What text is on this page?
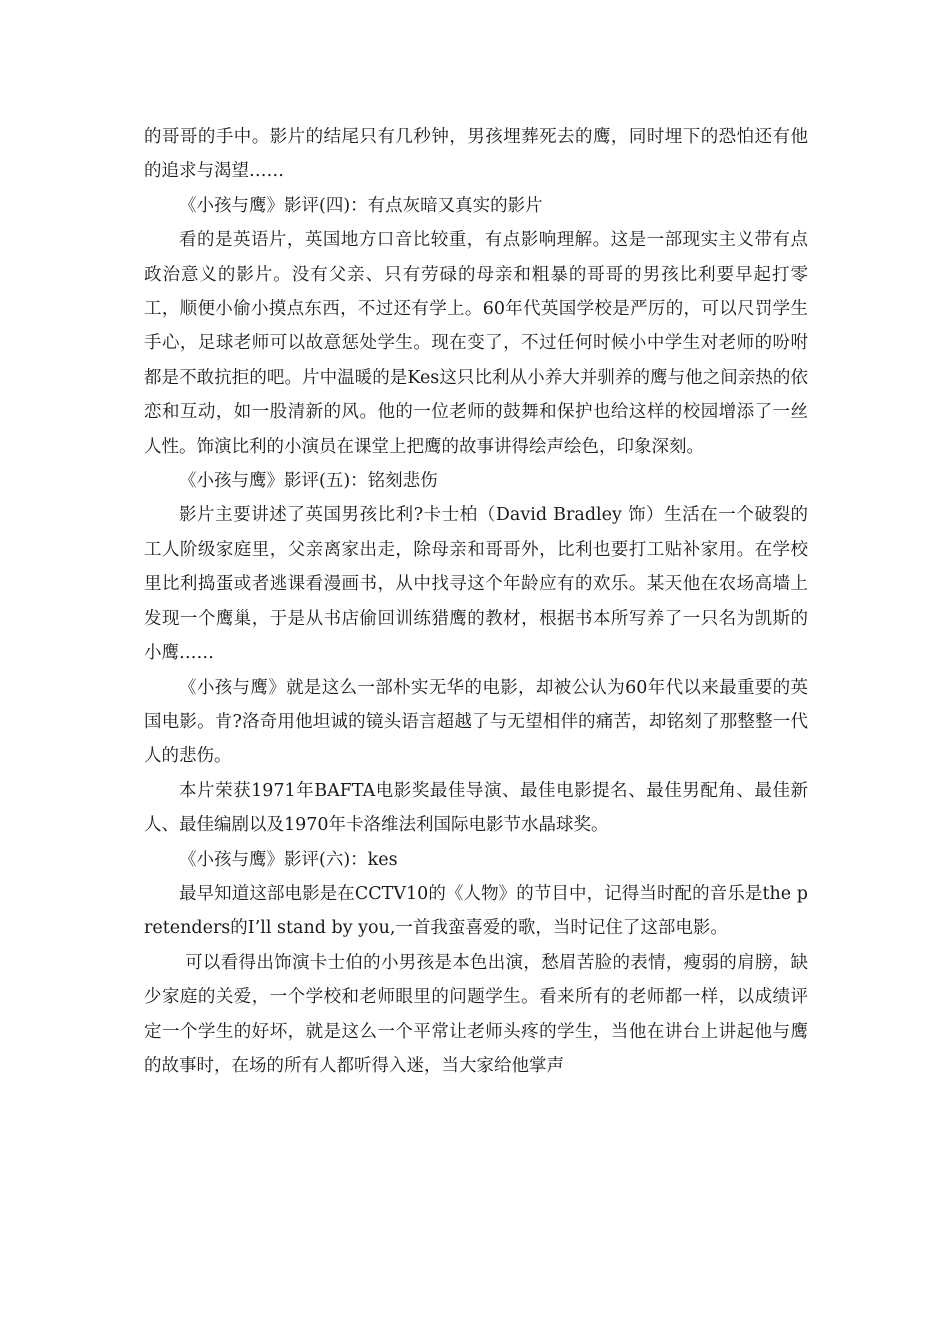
的哥哥的手中。影片的结尾只有几秒钟，男孩埋葬死去的鹰，同时埋下的恐怕还有他的追求与渴望……

《小孩与鹰》影评(四)：有点灰暗又真实的影片

看的是英语片，英国地方口音比较重，有点影响理解。这是一部现实主义带有点政治意义的影片。没有父亲、只有劳碌的母亲和粗暴的哥哥的男孩比利要早起打零工，顺便小偷小摸点东西，不过还有学上。60年代英国学校是严厉的，可以尺罚学生手心，足球老师可以故意惩处学生。现在变了，不过任何时候小中学生对老师的吩咐都是不敢抗拒的吧。片中温暖的是Kes这只比利从小养大并驯养的鹰与他之间亲热的依恋和互动，如一股清新的风。他的一位老师的鼓舞和保护也给这样的校园增添了一丝人性。饰演比利的小演员在课堂上把鹰的故事讲得绘声绘色，印象深刻。

《小孩与鹰》影评(五)：铭刻悲伤

影片主要讲述了英国男孩比利?卡士柏（David Bradley 饰）生活在一个破裂的工人阶级家庭里，父亲离家出走，除母亲和哥哥外，比利也要打工贴补家用。在学校里比利捣蛋或者逃课看漫画书，从中找寻这个年龄应有的欢乐。某天他在农场高墙上发现一个鹰巢，于是从书店偷回训练猎鹰的教材，根据书本所写养了一只名为凯斯的小鹰……

《小孩与鹰》就是这么一部朴实无华的电影，却被公认为60年代以来最重要的英国电影。肯?洛奇用他坦诚的镜头语言超越了与无望相伴的痛苦，却铭刻了那整整一代人的悲伤。

本片荣获1971年BAFTA电影奖最佳导演、最佳电影提名、最佳男配角、最佳新人、最佳编剧以及1970年卡洛维法利国际电影节水晶球奖。

《小孩与鹰》影评(六)：kes

最早知道这部电影是在CCTV10的《人物》的节目中，记得当时配的音乐是the pretenders的I’ll stand by you,一首我蛮喜爱的歌，当时记住了这部电影。

可以看得出饰演卡士伯的小男孩是本色出演，愁眉苦脸的表情，瘦弱的肩膀，缺少家庭的关爱，一个学校和老师眼里的问题学生。看来所有的老师都一样，以成绩评定一个学生的好坏，就是这么一个平常让老师头疼的学生，当他在讲台上讲起他与鹰的故事时，在场的所有人都听得入迷，当大家给他掌声
